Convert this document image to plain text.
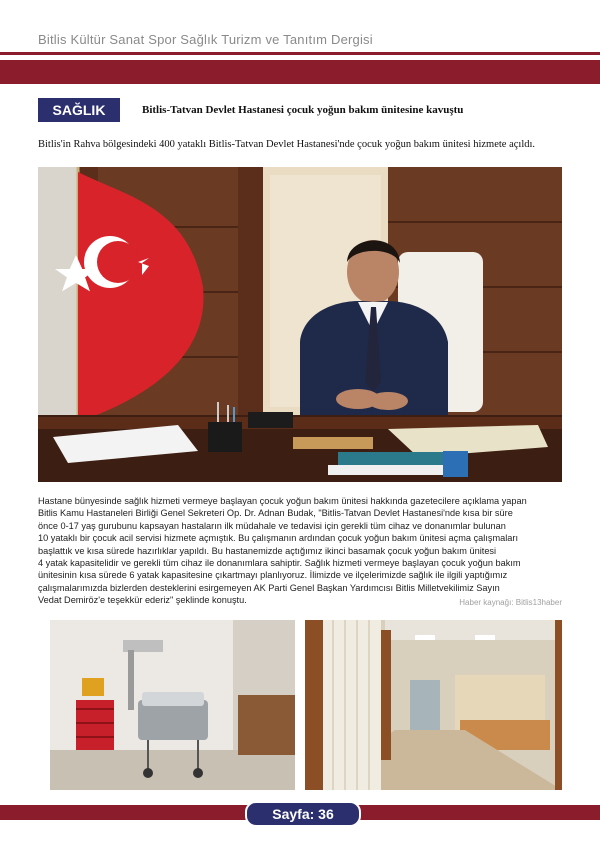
Bitlis Kültür Sanat Spor Sağlık Turizm ve Tanıtım Dergisi
SAĞLIK	Bitlis-Tatvan Devlet Hastanesi çocuk yoğun bakım ünitesine kavuştu
Bitlis'in Rahva bölgesindeki 400 yataklı Bitlis-Tatvan Devlet Hastanesi'nde çocuk yoğun bakım ünitesi hizmete açıldı.

Hastane bünyesinde sağlık hizmeti vermeye başlayan çocuk yoğun bakım ünitesi hakkında gazetecilere açıklama yapan

Bitlis Kamu Hastaneleri Birliği Genel Sekreteri Op. Dr. Adnan Budak, "Bitlis-Tatvan Devlet Hastanesi'nde kısa bir süre

önce 0-17 yaş gurubunu kapsayan hastaların ilk müdahale ve tedavisi için gerekli tüm cihaz ve donanımlar bulunan

10 yataklı bir çocuk acil servisi hizmete açmıştık. Bu çalışmanın ardından çocuk yoğun bakım ünitesi açma çalışmaları

başlattık ve kısa sürede hazırlıklar yapıldı. Bu hastanemizde açtığımız ikinci basamak çocuk yoğun bakım ünitesi

4 yatak kapasitelidir ve gerekli tüm cihaz ile donanımlara sahiptir. Sağlık hizmeti vermeye başlayan çocuk yoğun bakım

ünitesinin kısa sürede 6 yatak kapasitesine çıkartmayı planlıyoruz. İlimizde ve ilçelerimizde sağlık ile ilgili yaptığımız

çalışmalarımızda bizlerden desteklerini esirgemeyen AK Parti Genel Başkan Yardımcısı Bitlis Milletvekilimiz Sayın

Vedat Demiröz'e teşekkür ederiz" şeklinde konuştu.	Haber kaynağı: Bitlis13haber
Sayfa: 36
